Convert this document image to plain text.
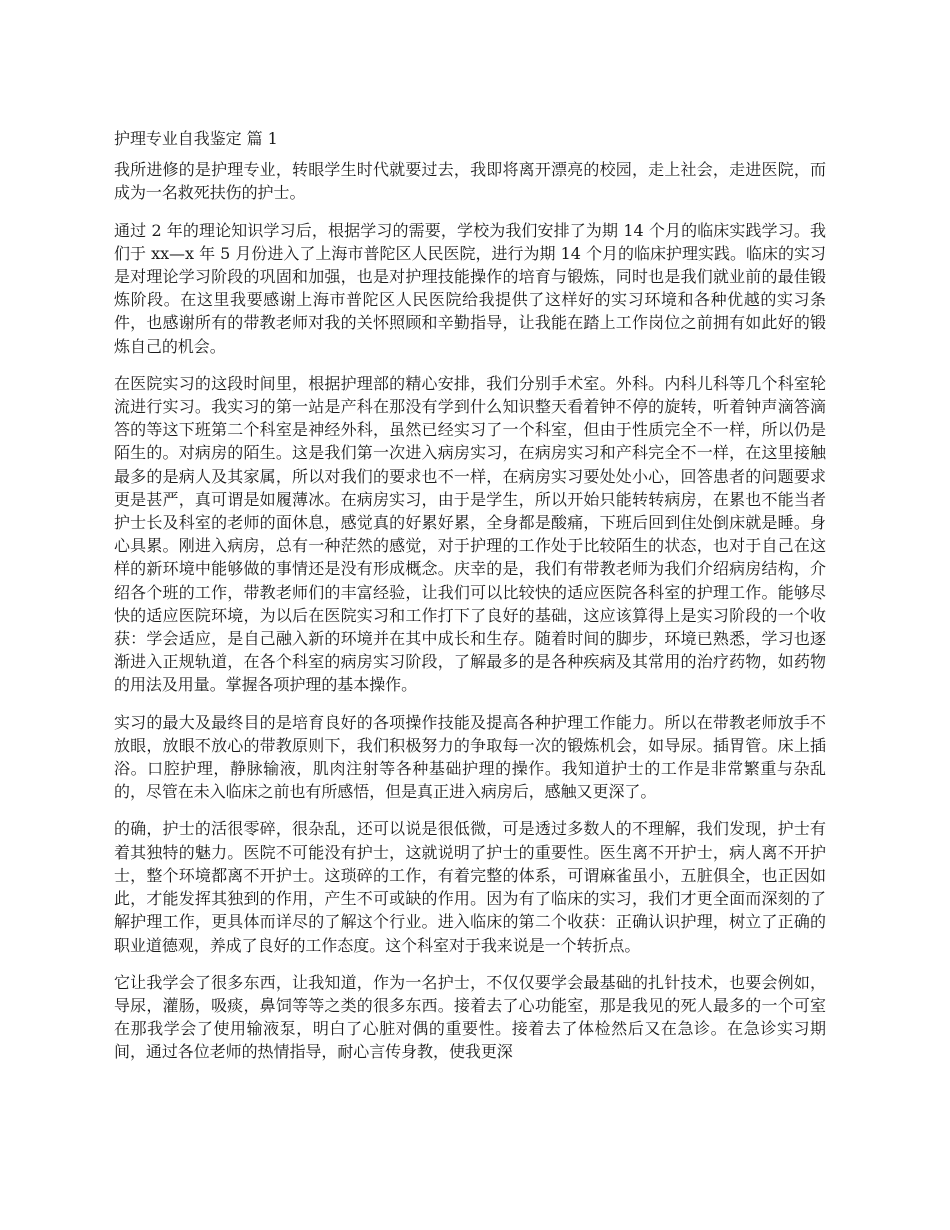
护理专业自我鉴定 篇 1

我所进修的是护理专业，转眼学生时代就要过去，我即将离开漂亮的校园，走上社会，走进医院，而成为一名救死扶伤的护士。

通过 2 年的理论知识学习后，根据学习的需要，学校为我们安排了为期 14 个月的临床实践学习。我们于 xx—x 年 5 月份进入了上海市普陀区人民医院，进行为期 14 个月的临床护理实践。临床的实习是对理论学习阶段的巩固和加强，也是对护理技能操作的培育与锻炼，同时也是我们就业前的最佳锻炼阶段。在这里我要感谢上海市普陀区人民医院给我提供了这样好的实习环境和各种优越的实习条件，也感谢所有的带教老师对我的关怀照顾和辛勤指导，让我能在踏上工作岗位之前拥有如此好的锻炼自己的机会。

在医院实习的这段时间里，根据护理部的精心安排，我们分别手术室。外科。内科儿科等几个科室轮流进行实习。我实习的第一站是产科在那没有学到什么知识整天看着钟不停的旋转，听着钟声滴答滴答的等这下班第二个科室是神经外科，虽然已经实习了一个科室，但由于性质完全不一样，所以仍是陌生的。对病房的陌生。这是我们第一次进入病房实习，在病房实习和产科完全不一样，在这里接触最多的是病人及其家属，所以对我们的要求也不一样，在病房实习要处处小心，回答患者的问题要求更是甚严，真可谓是如履薄冰。在病房实习，由于是学生，所以开始只能转转病房，在累也不能当者护士长及科室的老师的面休息，感觉真的好累好累，全身都是酸痛，下班后回到住处倒床就是睡。身心具累。刚进入病房，总有一种茫然的感觉，对于护理的工作处于比较陌生的状态，也对于自己在这样的新环境中能够做的事情还是没有形成概念。庆幸的是，我们有带教老师为我们介绍病房结构，介绍各个班的工作，带教老师们的丰富经验，让我们可以比较快的适应医院各科室的护理工作。能够尽快的适应医院环境，为以后在医院实习和工作打下了良好的基础，这应该算得上是实习阶段的一个收获：学会适应，是自己融入新的环境并在其中成长和生存。随着时间的脚步，环境已熟悉，学习也逐渐进入正规轨道，在各个科室的病房实习阶段，了解最多的是各种疾病及其常用的治疗药物，如药物的用法及用量。掌握各项护理的基本操作。

实习的最大及最终目的是培育良好的各项操作技能及提高各种护理工作能力。所以在带教老师放手不放眼，放眼不放心的带教原则下，我们积极努力的争取每一次的锻炼机会，如导尿。插胃管。床上插浴。口腔护理，静脉输液，肌肉注射等各种基础护理的操作。我知道护士的工作是非常繁重与杂乱的，尽管在未入临床之前也有所感悟，但是真正进入病房后，感触又更深了。

的确，护士的活很零碎，很杂乱，还可以说是很低微，可是透过多数人的不理解，我们发现，护士有着其独特的魅力。医院不可能没有护士，这就说明了护士的重要性。医生离不开护士，病人离不开护士，整个环境都离不开护士。这琐碎的工作，有着完整的体系，可谓麻雀虽小，五脏俱全，也正因如此，才能发挥其独到的作用，产生不可或缺的作用。因为有了临床的实习，我们才更全面而深刻的了解护理工作，更具体而详尽的了解这个行业。进入临床的第二个收获：正确认识护理，树立了正确的职业道德观，养成了良好的工作态度。这个科室对于我来说是一个转折点。

它让我学会了很多东西，让我知道，作为一名护士，不仅仅要学会最基础的扎针技术，也要会例如，导尿，灌肠，吸痰，鼻饲等等之类的很多东西。接着去了心功能室，那是我见的死人最多的一个可室在那我学会了使用输液泵，明白了心脏对偶的重要性。接着去了体检然后又在急诊。在急诊实习期间，通过各位老师的热情指导，耐心言传身教，使我更深
